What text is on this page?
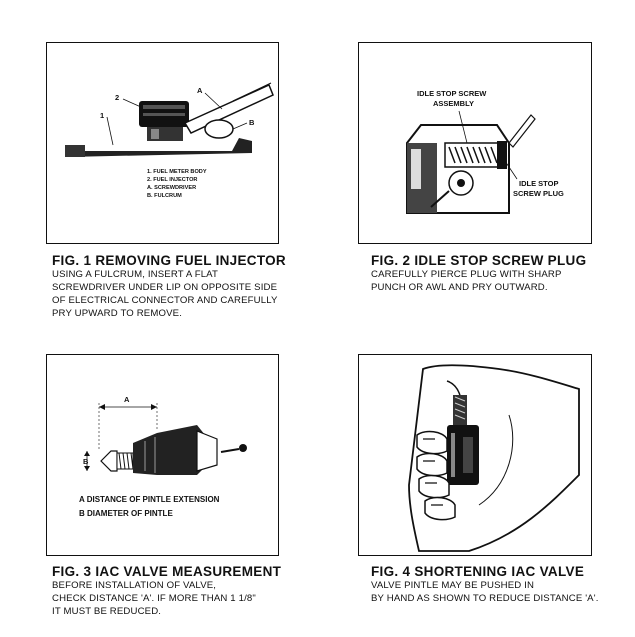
2
1
A
B
1. FUEL METER BODY
2. FUEL INJECTOR
A. SCREWDRIVER
B. FULCRUM
FIG. 1 REMOVING FUEL INJECTOR
USING A FULCRUM, INSERT A FLAT
SCREWDRIVER UNDER LIP ON OPPOSITE SIDE
OF ELECTRICAL CONNECTOR AND CAREFULLY
PRY UPWARD TO REMOVE.
IDLE STOP SCREW
ASSEMBLY
IDLE STOP
SCREW PLUG
FIG. 2 IDLE STOP SCREW PLUG
CAREFULLY PIERCE PLUG WITH SHARP
PUNCH OR AWL AND PRY OUTWARD.
A
B
A DISTANCE OF PINTLE EXTENSION
B DIAMETER OF PINTLE
FIG. 3 IAC VALVE MEASUREMENT
BEFORE INSTALLATION OF VALVE,
CHECK DISTANCE 'A'. IF MORE THAN 1 1/8"
IT MUST BE REDUCED.
FIG. 4 SHORTENING IAC VALVE
VALVE PINTLE MAY BE PUSHED IN
BY HAND AS SHOWN TO REDUCE DISTANCE 'A'.
